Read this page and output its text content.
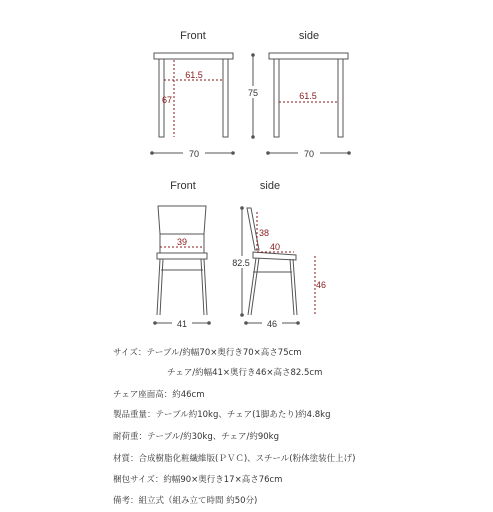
Front
61.5
67
70
75
side
61.5
70
Front
39
41
side
82.5
38
40
46
46
サイズ：テーブル/約幅70×奥行き70×高さ75cm
チェア/約幅41×奥行き46×高さ82.5cm
チェア座面高：約46cm
製品重量：テーブル約10kg、チェア(1脚あたり)約4.8kg
耐荷重：テーブル/約30kg、チェア/約90kg
材質：合成樹脂化粧繊維版(ＰＶＣ)、スチール(粉体塗装仕上げ)
梱包サイズ：約幅90×奥行き17×高さ76cm
備考：組立式（組み立て時間 約50分)
